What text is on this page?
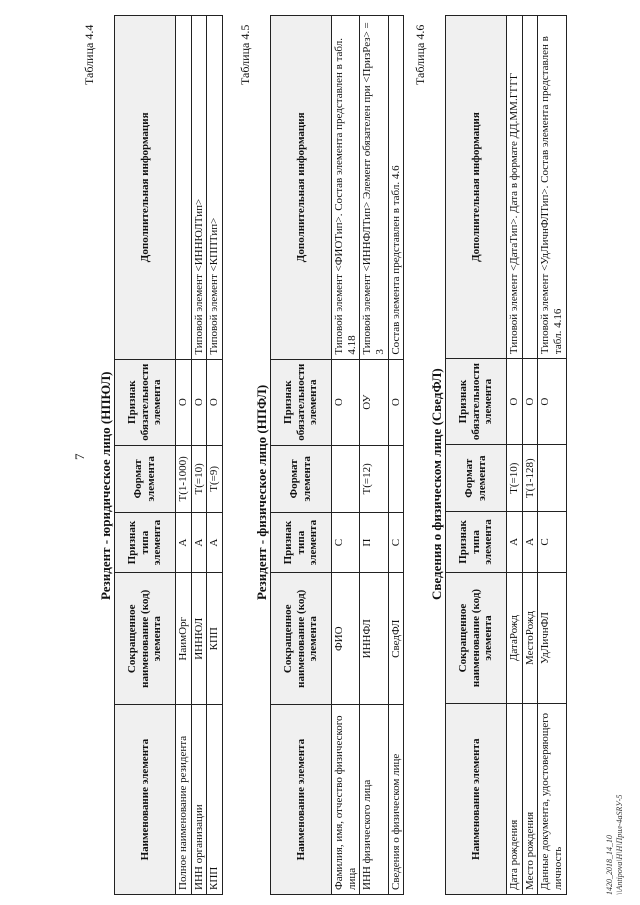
7
Таблица 4.4
Резидент - юридическое лицо (НПЮЛ)
Наименование элемента	Сокращенное наименование (код) элемента	Признак типа элемента	Формат элемента	Признак обязательности элемента	Дополнительная информация
Полное наименование резидента	НаимОрг	А	T(1-1000)	О	
ИНН организации	ИННЮЛ	А	T(=10)	О	Типовой элемент <ИННЮЛТип>
КПП	КПП	А	T(=9)	О	Типовой элемент <КППТип>
Таблица 4.5
Резидент - физическое лицо (НПФЛ)
Наименование элемента	Сокращенное наименование (код) элемента	Признак типа элемента	Формат элемента	Признак обязательности элемента	Дополнительная информация
Фамилия, имя, отчество физического лица	ФИО	С		О	Типовой элемент <ФИОТип>. Состав элемента представлен в табл. 4.18
ИНН физического лица	ИННФЛ	П	T(=12)	ОУ	Типовой элемент <ИННФЛТип> Элемент обязателен при <ПризРез> = 3
Сведения о физическом лице	СведФЛ	С		О	Состав элемента представлен в табл. 4.6
Таблица 4.6
Сведения о физическом лице (СведФЛ)
Наименование элемента	Сокращенное наименование (код) элемента	Признак типа элемента	Формат элемента	Признак обязательности элемента	Дополнительная информация
Дата рождения	ДатаРожд	А	T(=10)	О	Типовой элемент <ДатаТип>. Дата в формате ДД.ММ.ГГГГ
Место рождения	МестоРожд	А	T(1-128)	О	
Данные документа, удостоверяющего личность	УдЛичнФЛ	С		О	Типовой элемент <УдЛичнФЛТип>. Состав элемента представлен в табл. 4.16
1420_2018_14_10 \\Antipova\Н\Н\Прил-4аSRУ-5
